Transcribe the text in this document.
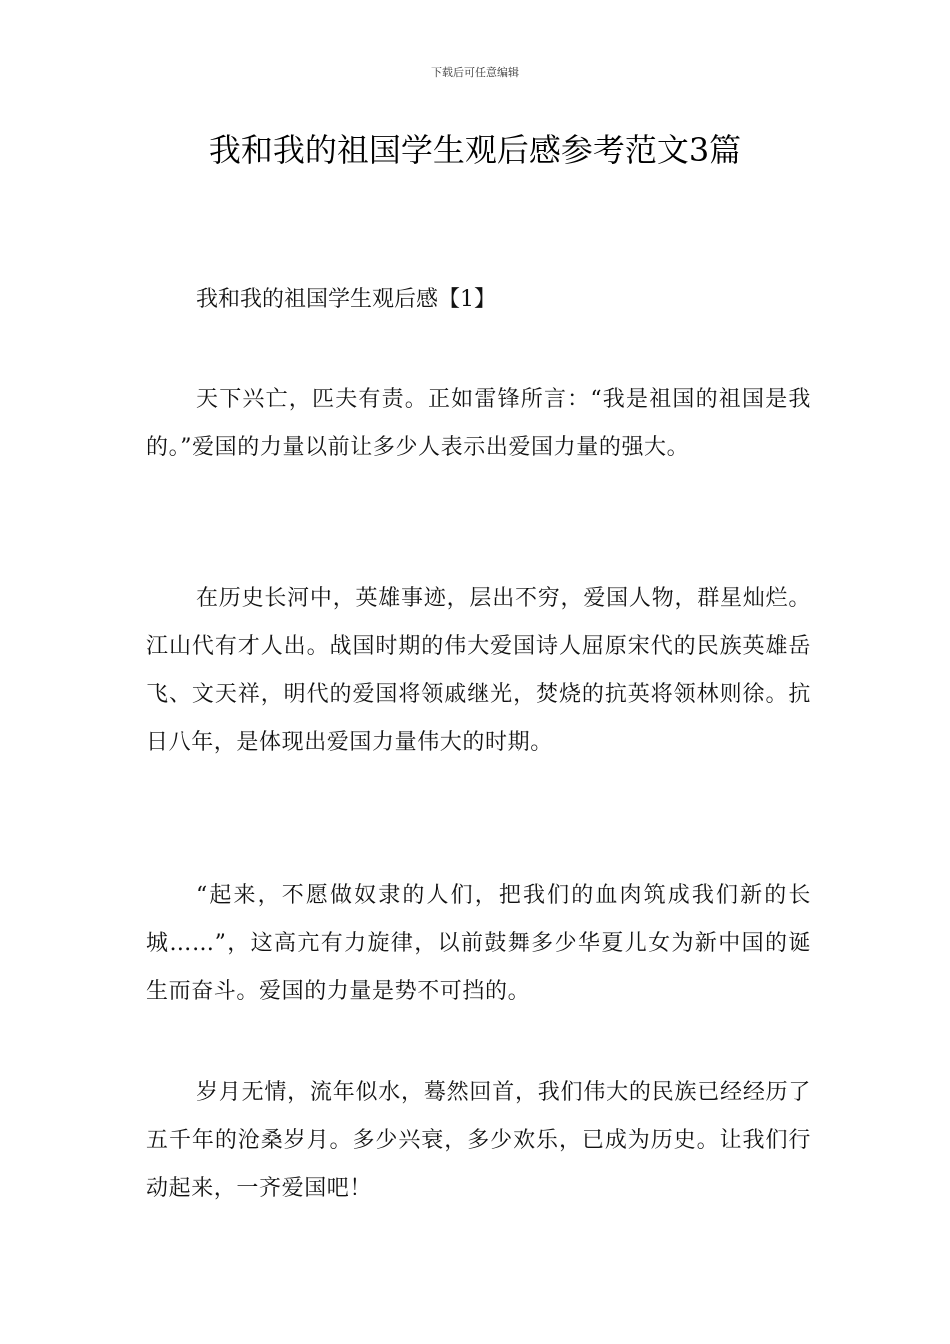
下载后可任意编辑
我和我的祖国学生观后感参考范文3篇
我和我的祖国学生观后感【1】

天下兴亡，匹夫有责。正如雷锋所言：“我是祖国的祖国是我的。”爱国的力量以前让多少人表示出爱国力量的强大。

在历史长河中，英雄事迹，层出不穷，爱国人物，群星灿烂。江山代有才人出。战国时期的伟大爱国诗人屈原宋代的民族英雄岳飞、文天祥，明代的爱国将领戚继光，焚烧的抗英将领林则徐。抗日八年，是体现出爱国力量伟大的时期。

“起来，不愿做奴隶的人们，把我们的血肉筑成我们新的长城……”，这高亢有力旋律，以前鼓舞多少华夏儿女为新中国的诞生而奋斗。爱国的力量是势不可挡的。

岁月无情，流年似水，蓦然回首，我们伟大的民族已经经历了五千年的沧桑岁月。多少兴衰，多少欢乐，已成为历史。让我们行动起来，一齐爱国吧！
